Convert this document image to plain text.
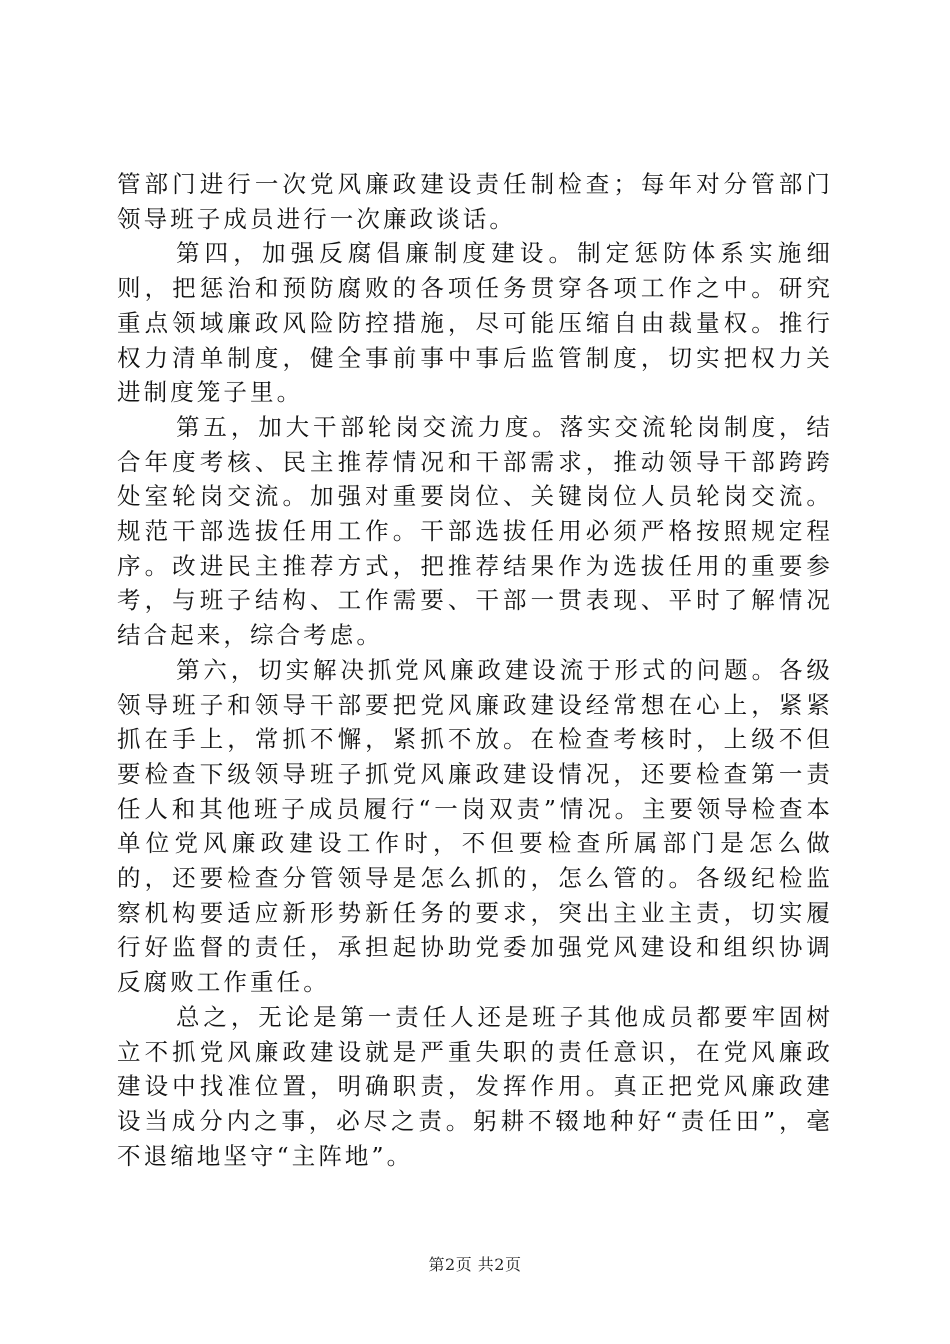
管部门进行一次党风廉政建设责任制检查；每年对分管部门领导班子成员进行一次廉政谈话。

第四，加强反腐倡廉制度建设。制定惩防体系实施细则，把惩治和预防腐败的各项任务贯穿各项工作之中。研究重点领域廉政风险防控措施，尽可能压缩自由裁量权。推行权力清单制度，健全事前事中事后监管制度，切实把权力关进制度笼子里。

第五，加大干部轮岗交流力度。落实交流轮岗制度，结合年度考核、民主推荐情况和干部需求，推动领导干部跨跨处室轮岗交流。加强对重要岗位、关键岗位人员轮岗交流。规范干部选拔任用工作。干部选拔任用必须严格按照规定程序。改进民主推荐方式，把推荐结果作为选拔任用的重要参考，与班子结构、工作需要、干部一贯表现、平时了解情况结合起来，综合考虑。

第六，切实解决抓党风廉政建设流于形式的问题。各级领导班子和领导干部要把党风廉政建设经常想在心上，紧紧抓在手上，常抓不懈，紧抓不放。在检查考核时，上级不但要检查下级领导班子抓党风廉政建设情况，还要检查第一责任人和其他班子成员履行“一岗双责”情况。主要领导检查本单位党风廉政建设工作时，不但要检查所属部门是怎么做的，还要检查分管领导是怎么抓的，怎么管的。各级纪检监察机构要适应新形势新任务的要求，突出主业主责，切实履行好监督的责任，承担起协助党委加强党风建设和组织协调反腐败工作重任。

总之，无论是第一责任人还是班子其他成员都要牢固树立不抓党风廉政建设就是严重失职的责任意识，在党风廉政建设中找准位置，明确职责，发挥作用。真正把党风廉政建设当成分内之事，必尽之责。躬耕不辍地种好“责任田”，毫不退缩地坚守“主阵地”。

第2页 共2页
